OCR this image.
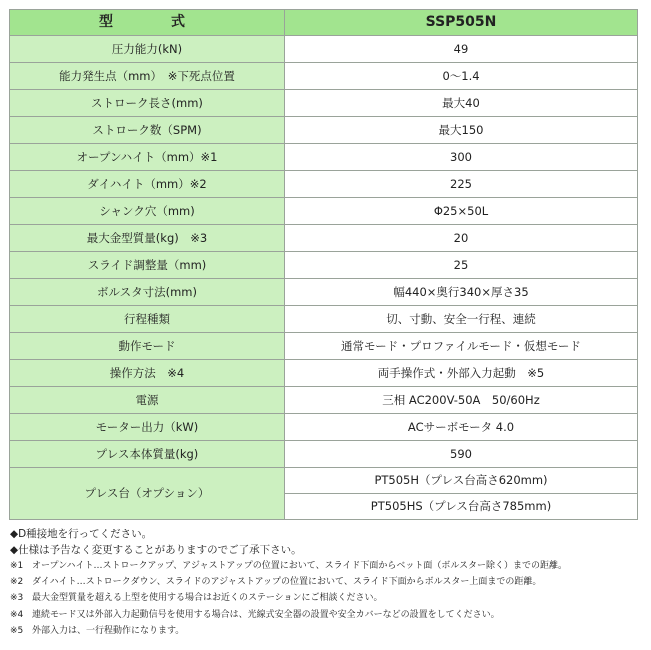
型　　式	SSP505N
圧力能力(kN)	49
能力発生点（mm）　※下死点位置	0～1.4
ストローク長さ(mm)	最大40
ストローク数（SPM)	最大150
オープンハイト（mm）※1	300
ダイハイト（mm）※2	225
シャンク穴（mm)	Φ25×50L
最大金型質量(kg)　※3	20
スライド調整量（mm)	25
ボルスタ寸法(mm)	幅440×奥行340×厚さ35
行程種類	切、寸動、安全一行程、連続
動作モード	通常モード・プロファイルモード・仮想モード
操作方法　※4	両手操作式・外部入力起動　※5
電源	三相 AC200V-50A　50/60Hz
モーター出力（kW)	ACサーボモータ 4.0
プレス本体質量(kg)	590
プレス台（オプション）	PT505H（プレス台高さ620mm)
	PT505HS（プレス台高さ785mm)
◆D種接地を行ってください。
◆仕様は予告なく変更することがありますのでご了承下さい。
※1 オープンハイト…ストロークアップ、アジャストアップの位置において、スライド下面からベット面（ボルスター除く）までの距離。
※2 ダイハイト…ストロークダウン、スライドのアジャストアップの位置において、スライド下面からボルスター上面までの距離。
※3 最大金型質量を超える上型を使用する場合はお近くのステーションにご相談ください。
※4 連続モード又は外部入力起動信号を使用する場合は、光線式安全器の設置や安全カバーなどの設置をしてください。
※5 外部入力は、一行程動作になります。
